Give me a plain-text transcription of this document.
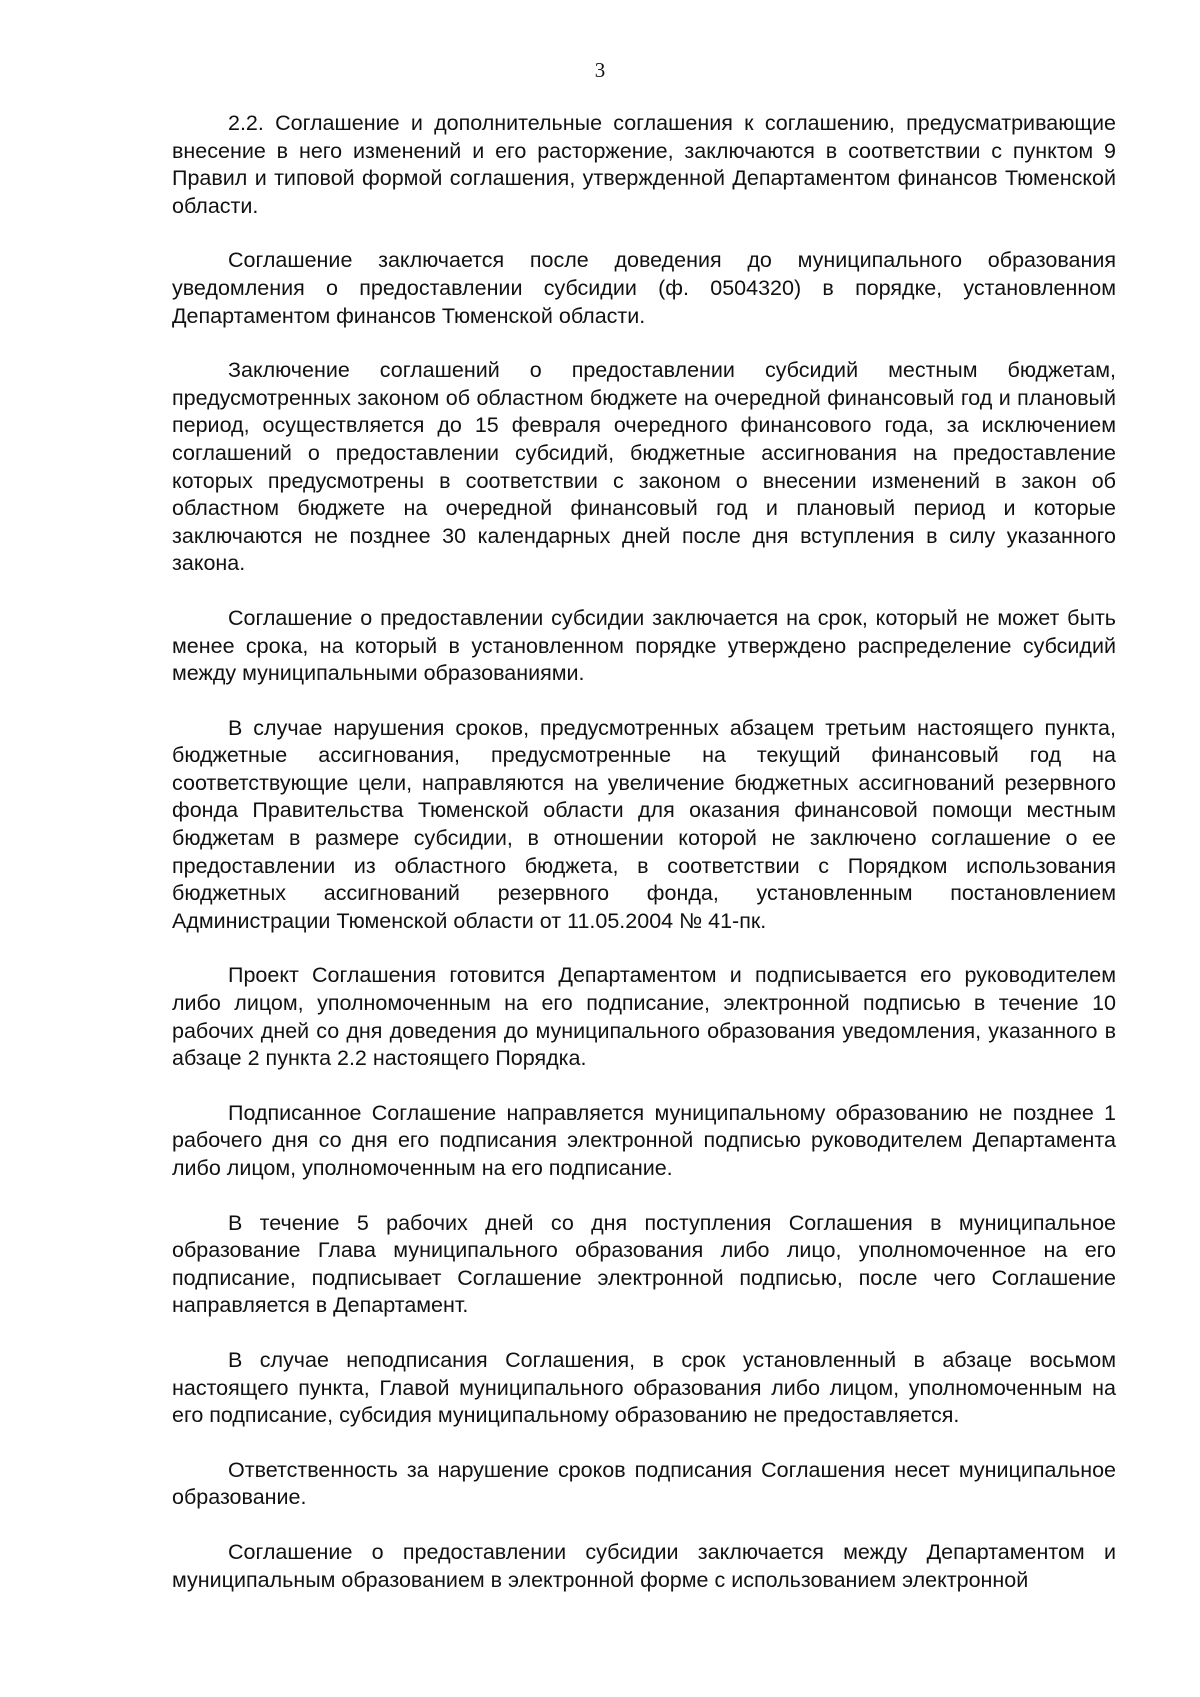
3

2.2. Соглашение и дополнительные соглашения к соглашению, предусматривающие внесение в него изменений и его расторжение, заключаются в соответствии с пунктом 9 Правил и типовой формой соглашения, утвержденной Департаментом финансов Тюменской области.

Соглашение заключается после доведения до муниципального образования уведомления о предоставлении субсидии (ф. 0504320) в порядке, установленном Департаментом финансов Тюменской области.

Заключение соглашений о предоставлении субсидий местным бюджетам, предусмотренных законом об областном бюджете на очередной финансовый год и плановый период, осуществляется до 15 февраля очередного финансового года, за исключением соглашений о предоставлении субсидий, бюджетные ассигнования на предоставление которых предусмотрены в соответствии с законом о внесении изменений в закон об областном бюджете на очередной финансовый год и плановый период и которые заключаются не позднее 30 календарных дней после дня вступления в силу указанного закона.

Соглашение о предоставлении субсидии заключается на срок, который не может быть менее срока, на который в установленном порядке утверждено распределение субсидий между муниципальными образованиями.

В случае нарушения сроков, предусмотренных абзацем третьим настоящего пункта, бюджетные ассигнования, предусмотренные на текущий финансовый год на соответствующие цели, направляются на увеличение бюджетных ассигнований резервного фонда Правительства Тюменской области для оказания финансовой помощи местным бюджетам в размере субсидии, в отношении которой не заключено соглашение о ее предоставлении из областного бюджета, в соответствии с Порядком использования бюджетных ассигнований резервного фонда, установленным постановлением Администрации Тюменской области от 11.05.2004 № 41-пк.

Проект Соглашения готовится Департаментом и подписывается его руководителем либо лицом, уполномоченным на его подписание, электронной подписью в течение 10 рабочих дней со дня доведения до муниципального образования уведомления, указанного в абзаце 2 пункта 2.2 настоящего Порядка.

Подписанное Соглашение направляется муниципальному образованию не позднее 1 рабочего дня со дня его подписания электронной подписью руководителем Департамента либо лицом, уполномоченным на его подписание.

В течение 5 рабочих дней со дня поступления Соглашения в муниципальное образование Глава муниципального образования либо лицо, уполномоченное на его подписание, подписывает Соглашение электронной подписью, после чего Соглашение направляется в Департамент.

В случае неподписания Соглашения, в срок установленный в абзаце восьмом настоящего пункта, Главой муниципального образования либо лицом, уполномоченным на его подписание, субсидия муниципальному образованию не предоставляется.

Ответственность за нарушение сроков подписания Соглашения несет муниципальное образование.

Соглашение о предоставлении субсидии заключается между Департаментом и муниципальным образованием в электронной форме с использованием электронной
